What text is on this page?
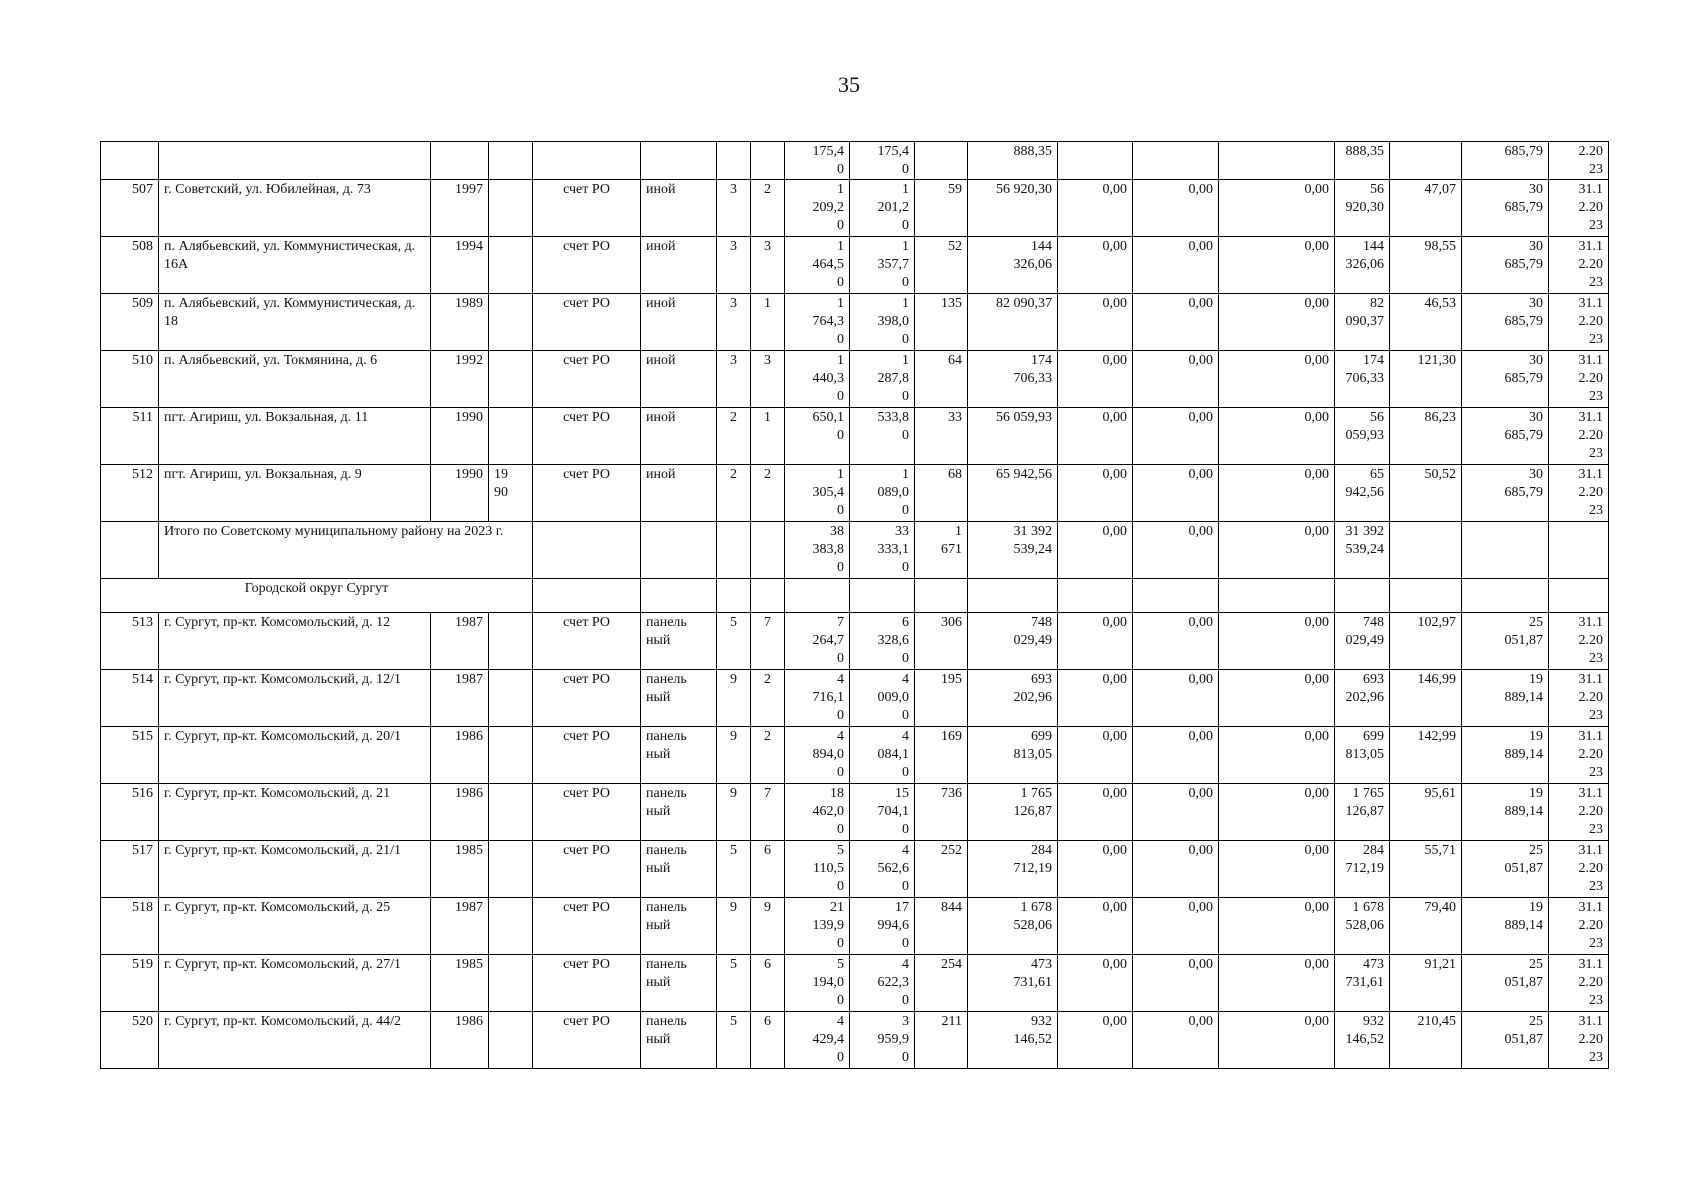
35
								175,4
0	175,4
0		888,35				888,35		685,79	2.20
23
507	г. Советский, ул. Юбилейная, д. 73	1997		счет РО	иной	3	2	1
209,2
0	1
201,2
0	59	56 920,30	0,00	0,00	0,00	56
920,30	47,07	30
685,79	31.1
2.20
23
508	п. Алябьевский, ул. Коммунистическая, д. 16А	1994		счет РО	иной	3	3	1
464,5
0	1
357,7
0	52	144
326,06	0,00	0,00	0,00	144
326,06	98,55	30
685,79	31.1
2.20
23
509	п. Алябьевский, ул. Коммунистическая, д. 18	1989		счет РО	иной	3	1	1
764,3
0	1
398,0
0	135	82 090,37	0,00	0,00	0,00	82
090,37	46,53	30
685,79	31.1
2.20
23
510	п. Алябьевский, ул. Токмянина, д. 6	1992		счет РО	иной	3	3	1
440,3
0	1
287,8
0	64	174
706,33	0,00	0,00	0,00	174
706,33	121,30	30
685,79	31.1
2.20
23
511	пгт. Агириш, ул. Вокзальная, д. 11	1990		счет РО	иной	2	1	650,1
0	533,8
0	33	56 059,93	0,00	0,00	0,00	56
059,93	86,23	30
685,79	31.1
2.20
23
512	пгт. Агириш, ул. Вокзальная, д. 9	1990	19
90	счет РО	иной	2	2	1
305,4
0	1
089,0
0	68	65 942,56	0,00	0,00	0,00	65
942,56	50,52	30
685,79	31.1
2.20
23
	Итого по Советскому муниципальному району на 2023 г.							38
383,8
0	33
333,1
0	1
671	31 392
539,24	0,00	0,00	0,00	31 392
539,24			
Городской округ Сургут																		
513	г. Сургут, пр-кт. Комсомольский, д. 12	1987		счет РО	панель
ный	5	7	7
264,7
0	6
328,6
0	306	748
029,49	0,00	0,00	0,00	748
029,49	102,97	25
051,87	31.1
2.20
23
514	г. Сургут, пр-кт. Комсомольский, д. 12/1	1987		счет РО	панель
ный	9	2	4
716,1
0	4
009,0
0	195	693
202,96	0,00	0,00	0,00	693
202,96	146,99	19
889,14	31.1
2.20
23
515	г. Сургут, пр-кт. Комсомольский, д. 20/1	1986		счет РО	панель
ный	9	2	4
894,0
0	4
084,1
0	169	699
813,05	0,00	0,00	0,00	699
813,05	142,99	19
889,14	31.1
2.20
23
516	г. Сургут, пр-кт. Комсомольский, д. 21	1986		счет РО	панель
ный	9	7	18
462,0
0	15
704,1
0	736	1 765
126,87	0,00	0,00	0,00	1 765
126,87	95,61	19
889,14	31.1
2.20
23
517	г. Сургут, пр-кт. Комсомольский, д. 21/1	1985		счет РО	панель
ный	5	6	5
110,5
0	4
562,6
0	252	284
712,19	0,00	0,00	0,00	284
712,19	55,71	25
051,87	31.1
2.20
23
518	г. Сургут, пр-кт. Комсомольский, д. 25	1987		счет РО	панель
ный	9	9	21
139,9
0	17
994,6
0	844	1 678
528,06	0,00	0,00	0,00	1 678
528,06	79,40	19
889,14	31.1
2.20
23
519	г. Сургут, пр-кт. Комсомольский, д. 27/1	1985		счет РО	панель
ный	5	6	5
194,0
0	4
622,3
0	254	473
731,61	0,00	0,00	0,00	473
731,61	91,21	25
051,87	31.1
2.20
23
520	г. Сургут, пр-кт. Комсомольский, д. 44/2	1986		счет РО	панель
ный	5	6	4
429,4
0	3
959,9
0	211	932
146,52	0,00	0,00	0,00	932
146,52	210,45	25
051,87	31.1
2.20
23
